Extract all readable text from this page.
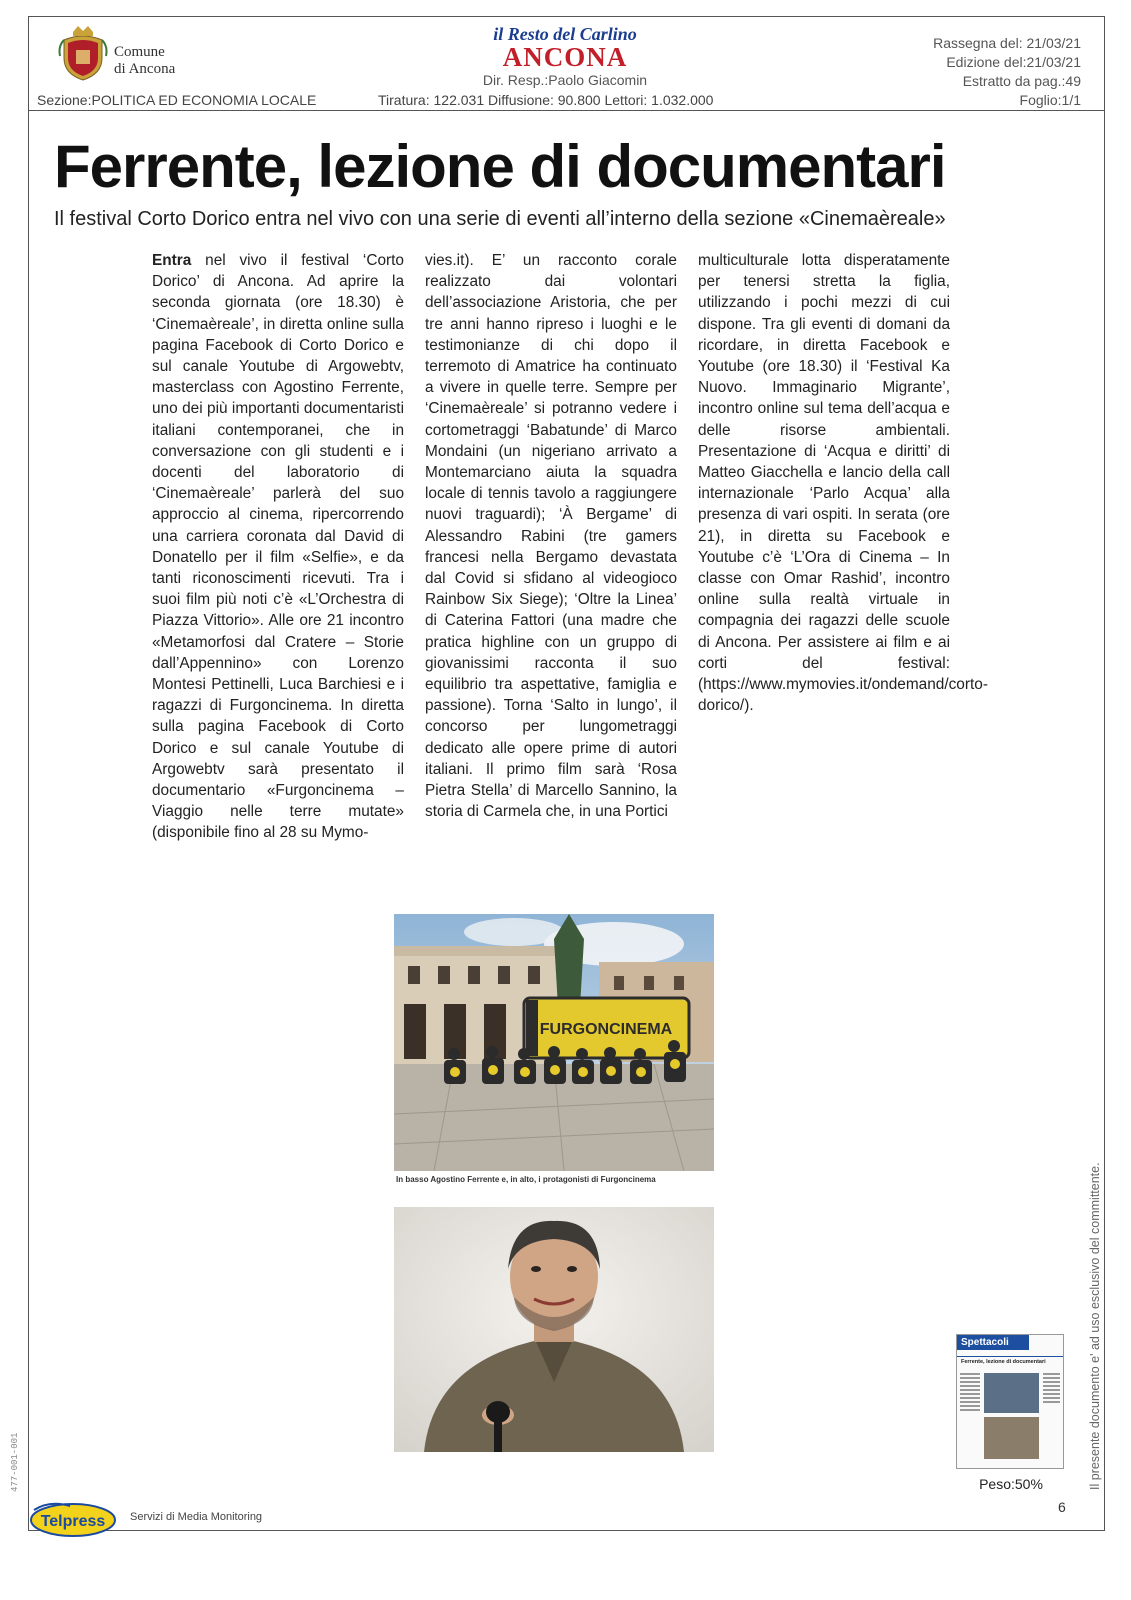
Comune
di Ancona
il Resto del Carlino
ANCONA
Dir. Resp.:Paolo Giacomin
Rassegna del: 21/03/21
Edizione del:21/03/21
Estratto da pag.:49
Foglio:1/1
Sezione:POLITICA ED ECONOMIA LOCALE	Tiratura: 122.031 Diffusione: 90.800 Lettori: 1.032.000
Ferrente, lezione di documentari
Il festival Corto Dorico entra nel vivo con una serie di eventi all’interno della sezione «Cinemaèreale»
Entra nel vivo il festival ‘Corto Dorico’ di Ancona. Ad aprire la seconda giornata (ore 18.30) è ‘Cinemaèreale’, in diretta online sulla pagina Facebook di Corto Dorico e sul canale Youtube di Argowebtv, masterclass con Agostino Ferrente, uno dei più importanti documentaristi italiani contemporanei, che in conversazione con gli studenti e i docenti del laboratorio di ‘Cinemaèreale’ parlerà del suo approccio al cinema, ripercorrendo una carriera coronata dal David di Donatello per il film «Selfie», e da tanti riconoscimenti ricevuti. Tra i suoi film più noti c’è «L’Orchestra di Piazza Vittorio». Alle ore 21 incontro «Metamorfosi dal Cratere – Storie dall’Appennino» con Lorenzo Montesi Pettinelli, Luca Barchiesi e i ragazzi di Furgoncinema. In diretta sulla pagina Facebook di Corto Dorico e sul canale Youtube di Argowebtv sarà presentato il documentario «Furgoncinema – Viaggio nelle terre mutate» (disponibile fino al 28 su Mymo-
vies.it). E’ un racconto corale realizzato dai volontari dell’associazione Aristoria, che per tre anni hanno ripreso i luoghi e le testimonianze di chi dopo il terremoto di Amatrice ha continuato a vivere in quelle terre. Sempre per ‘Cinemaèreale’ si potranno vedere i cortometraggi ‘Babatunde’ di Marco Mondaini (un nigeriano arrivato a Montemarciano aiuta la squadra locale di tennis tavolo a raggiungere nuovi traguardi); ‘À Bergame’ di Alessandro Rabini (tre gamers francesi nella Bergamo devastata dal Covid si sfidano al videogioco Rainbow Six Siege); ‘Oltre la Linea’ di Caterina Fattori (una madre che pratica highline con un gruppo di giovanissimi racconta il suo equilibrio tra aspettative, famiglia e passione). Torna ‘Salto in lungo’, il concorso per lungometraggi dedicato alle opere prime di autori italiani. Il primo film sarà ‘Rosa Pietra Stella’ di Marcello Sannino, la storia di Carmela che, in una Portici
multiculturale lotta disperatamente per tenersi stretta la figlia, utilizzando i pochi mezzi di cui dispone. Tra gli eventi di domani da ricordare, in diretta Facebook e Youtube (ore 18.30) il ‘Festival Ka Nuovo. Immaginario Migrante’, incontro online sul tema dell’acqua e delle risorse ambientali. Presentazione di ‘Acqua e diritti’ di Matteo Giacchella e lancio della call internazionale ‘Parlo Acqua’ alla presenza di vari ospiti. In serata (ore 21), in diretta su Facebook e Youtube c’è ‘L’Ora di Cinema – In classe con Omar Rashid’, incontro online sulla realtà virtuale in compagnia dei ragazzi delle scuole di Ancona. Per assistere ai film e ai corti del festival: (https://www.mymovies.it/ondemand/corto-dorico/).
FURGONCINEMA
In basso Agostino Ferrente e, in alto, i protagonisti di Furgoncinema
Spettacoli
Ferrente, lezione di documentari
Peso:50%	Il presente documento e' ad uso esclusivo del committente.
477-001-001
Telpress Servizi di Media Monitoring
6
